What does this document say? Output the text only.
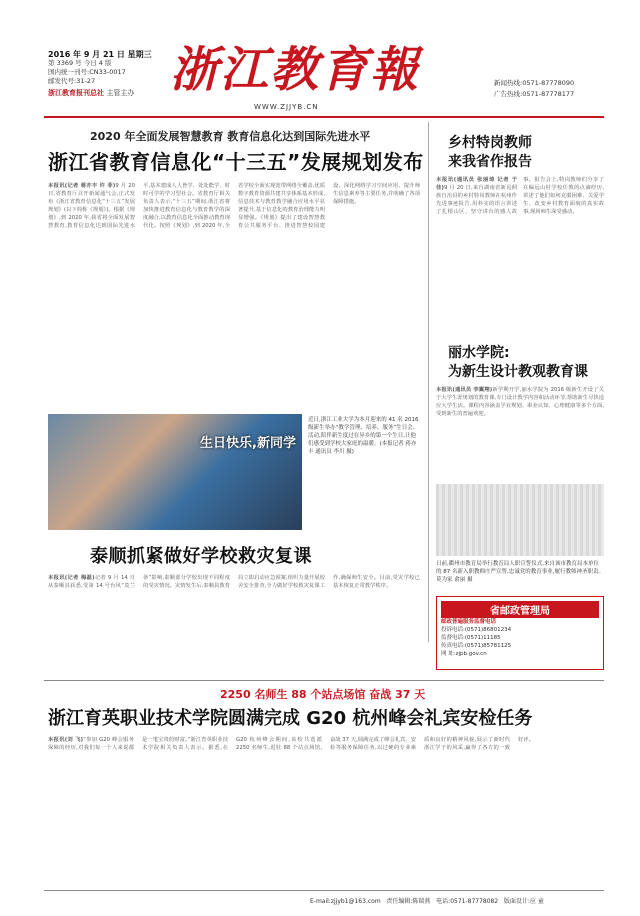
2016 年 9 月 21 日 星期三
第 3369 号 今日 4 版
国内统一刊号:CN33-0017
邮发代号:31-27
浙江教育报刊总社 主管主办 浙江教育報
WWW.ZJJYB.CN
新闻热线:0571-87778090
广告热线:0571-87778177
2020 年全面发展智慧教育 教育信息化达到国际先进水平
浙江省教育信息化“十三五”发展规划发布
本报讯(记者 蒋亦丰 许 菲)9 月 20 日,省教育厅召开新闻通气会,正式发布《浙江省教育信息化“十三五”发展规划》(以下简称《规划》)。根据《规划》,到 2020 年,我省将全面发展智慧教育,教育信息化达到国际先进水平,基本建成人人皆学、处处能学、时时可学的学习型社会。省教育厅相关负责人表示,“十三五”期间,浙江省将加快推进教育信息化与教育教学的深度融合,以教育信息化全面推动教育现代化。按照《规划》,到 2020 年,全省学校全面实现宽带网络全覆盖,优质数字教育资源共建共享体系基本形成,信息技术与教育教学融合应用水平显著提升,基于信息化的教育治理能力明显增强。《规划》提出了建设智慧教育公共服务平台、推进智慧校园建设、深化网络学习空间应用、提升师生信息素养等主要任务,并明确了各项保障措施。
乡村特岗教师
来我省作报告
本报讯(通讯员 张丽琦 记者 于 佳)9 月 20 日,来自湖南省新晃侗族自治县的乡村特岗教师在杭州作先进事迹报告,用朴实的语言讲述了扎根山区、坚守讲台的感人故事。报告会上,特岗教师们分享了在偏远山村学校任教的点滴经历,讲述了他们如何克服困难、关爱学生、改变乡村教育面貌的真实故事,现场师生深受感动。
丽水学院:
为新生设计教观教育课
本报讯(通讯员 李翼翔)新学期开学,丽水学院为 2016 级新生开设了关于大学生涯规划的教育课,专门设计教学内容和活动环节,帮助新生尽快适应大学生活。课程内容涵盖学业规划、职业认知、心理健康等多个方面,受到新生的普遍欢迎。
日前,衢州市教育局举行教育局人职宣誓仪式,来自该市教育局本单位的 87 名新入职教师庄严宣誓,忠诚党的教育事业,履行教师神圣职责。莫为家 俞丽 摄
省邮政管理局
邮政普遍服务监督电话
投诉电话:(0571)86801234
监督电话:(0571)11185
传真电话:(0571)85781125
网 址:zjpb.gov.cn
生日快乐,新同学
近日,浙江工业大学为本月迎来的 41 名 2016 级新生举办“教学管理、培养、服务”生日会、活动,陪伴新生度过在异乡的第一个生日,让他们感受到学校大家庭的温暖。(本报记者 蒋亦丰 通讯员 李川 摄)
泰顺抓紧做好学校救灾复课
本报讯(记者 梅磊)记者 9 月 14 日从泰顺县获悉,受第 14 号台风“莫兰蒂”影响,泰顺部分学校出现不同程度的受灾情况。灾情发生后,泰顺县教育局立即启动应急预案,组织力量开展校舍安全排查,全力做好学校救灾复课工作,确保师生安全。目前,受灾学校已基本恢复正常教学秩序。
2250 名师生 88 个站点场馆 奋战 37 天
浙江育英职业技术学院圆满完成 G20 杭州峰会礼宾安检任务
本报讯(刘 飞)“参加 G20 峰会服务保障的经历,对我们每一个人来说都是一笔宝贵的财富。”浙江育英职业技术学院相关负责人表示。据悉,在 G20 杭州峰会期间,该校共选派 2250 名师生,进驻 88 个站点场馆,奋战 37 天,圆满完成了峰会礼宾、安检等服务保障任务,以过硬的专业素质和良好的精神风貌,展示了新时代浙江学子的风采,赢得了各方的一致好评。
E-mail:zjjyb1@163.com 责任编辑:陈瑞燕 电话:0571-87778082 版面设计:应 童
